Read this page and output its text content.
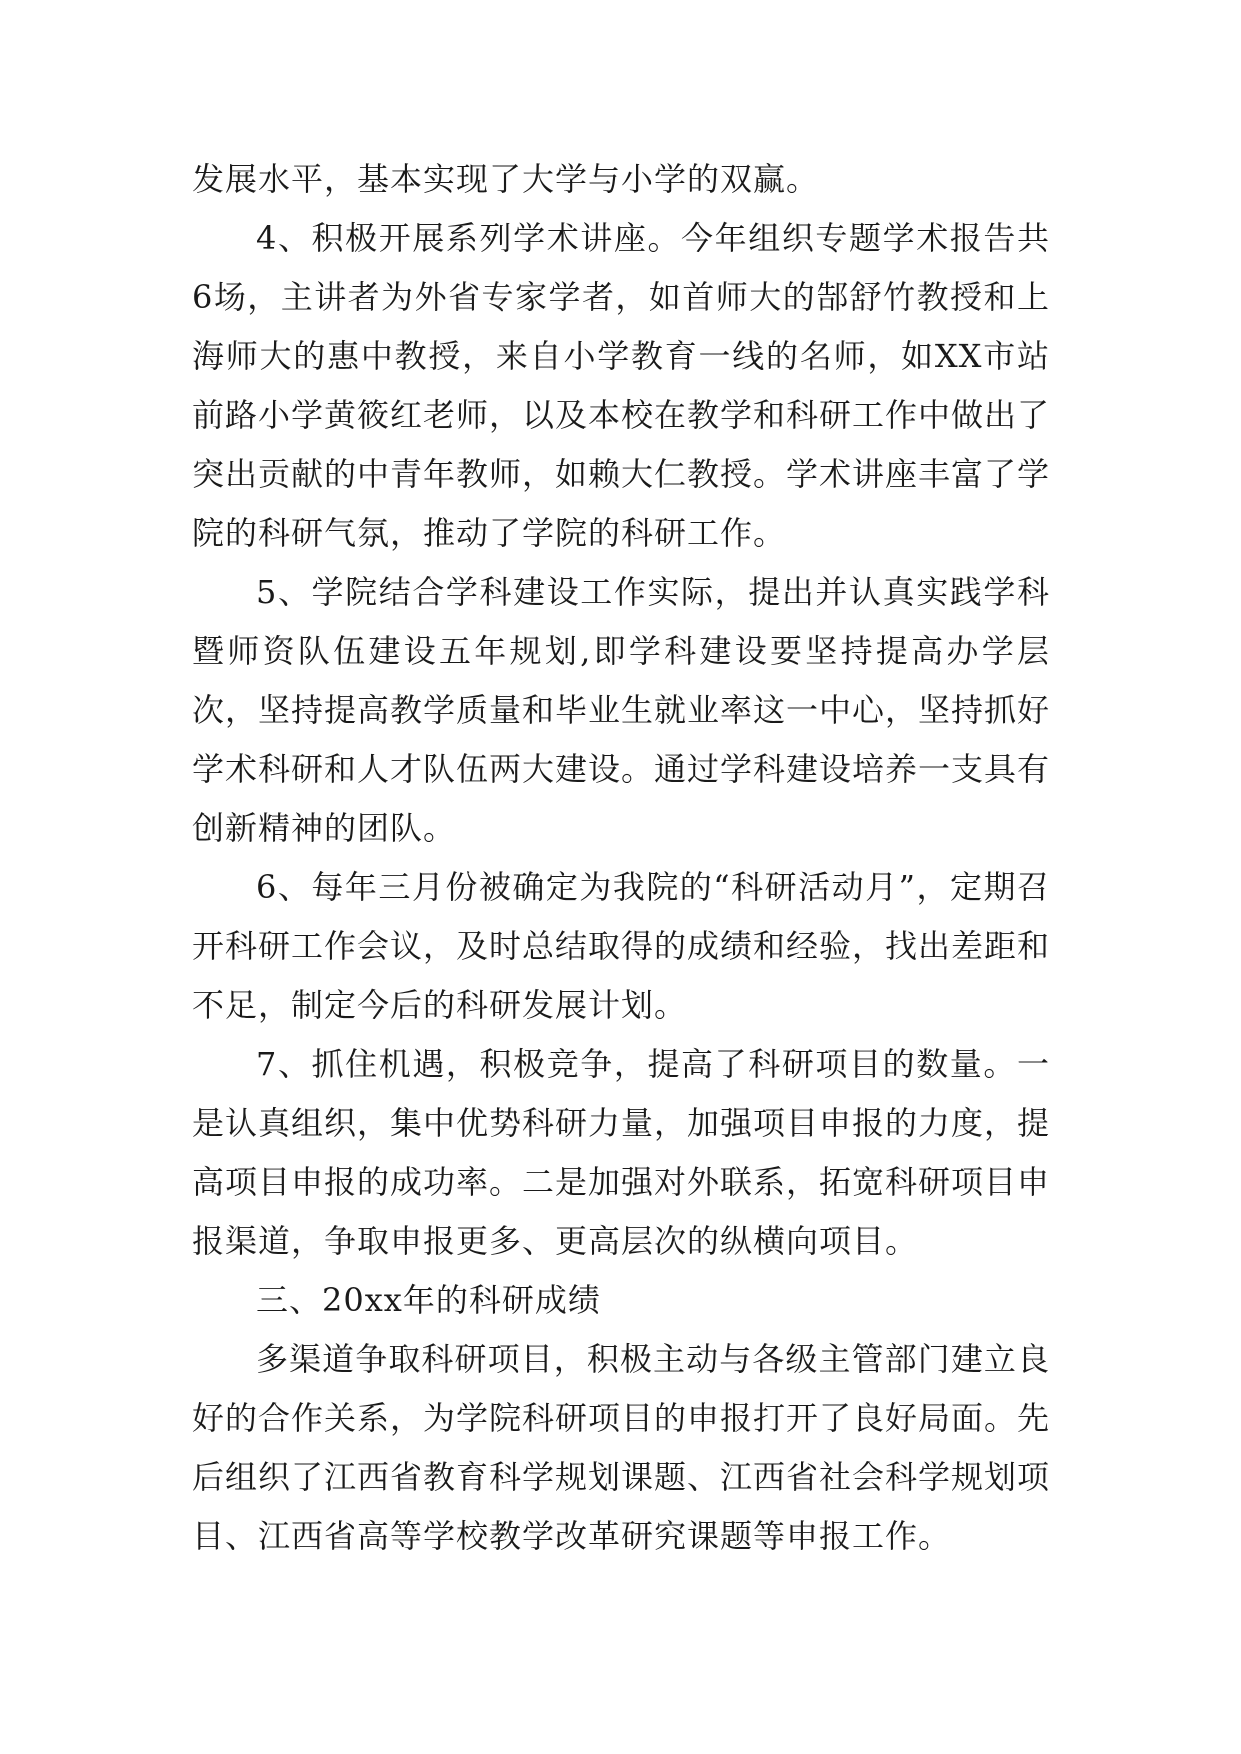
发展水平，基本实现了大学与小学的双赢。

4、积极开展系列学术讲座。今年组织专题学术报告共6场，主讲者为外省专家学者，如首师大的郜舒竹教授和上海师大的惠中教授，来自小学教育一线的名师，如XX市站前路小学黄筱红老师，以及本校在教学和科研工作中做出了突出贡献的中青年教师，如赖大仁教授。学术讲座丰富了学院的科研气氛，推动了学院的科研工作。

5、学院结合学科建设工作实际，提出并认真实践学科暨师资队伍建设五年规划,即学科建设要坚持提高办学层次，坚持提高教学质量和毕业生就业率这一中心，坚持抓好学术科研和人才队伍两大建设。通过学科建设培养一支具有创新精神的团队。

6、每年三月份被确定为我院的“科研活动月”，定期召开科研工作会议，及时总结取得的成绩和经验，找出差距和不足，制定今后的科研发展计划。

7、抓住机遇，积极竞争，提高了科研项目的数量。一是认真组织，集中优势科研力量，加强项目申报的力度，提高项目申报的成功率。二是加强对外联系，拓宽科研项目申报渠道，争取申报更多、更高层次的纵横向项目。

三、20xx年的科研成绩

多渠道争取科研项目，积极主动与各级主管部门建立良好的合作关系，为学院科研项目的申报打开了良好局面。先后组织了江西省教育科学规划课题、江西省社会科学规划项目、江西省高等学校教学改革研究课题等申报工作。
